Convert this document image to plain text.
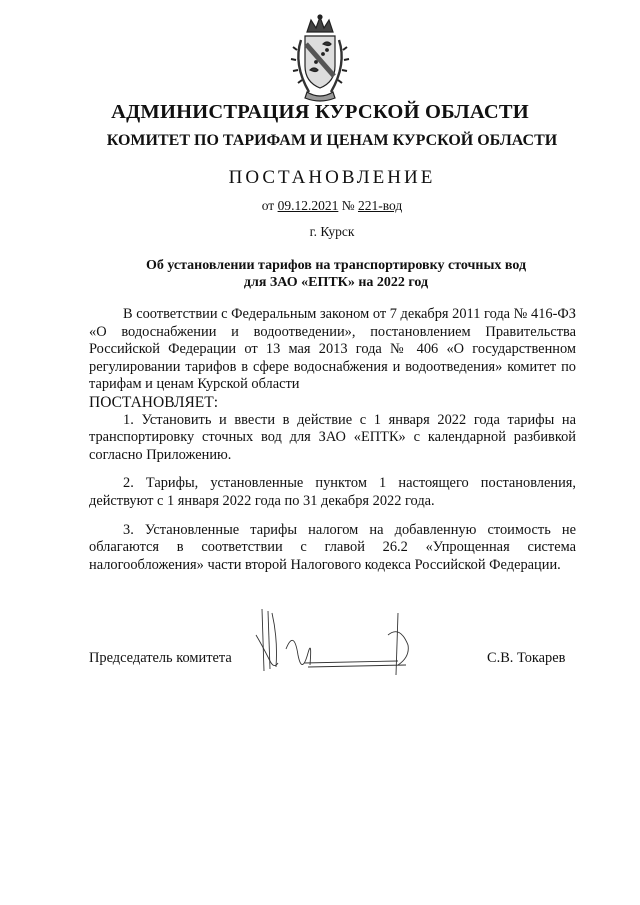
АДМИНИСТРАЦИЯ КУРСКОЙ ОБЛАСТИ
КОМИТЕТ ПО ТАРИФАМ И ЦЕНАМ КУРСКОЙ ОБЛАСТИ
ПОСТАНОВЛЕНИЕ
от 09.12.2021 № 221-вод
г. Курск
Об установлении тарифов на транспортировку сточных вод
для ЗАО «ЕПТК» на 2022 год

В соответствии с Федеральным законом от 7 декабря 2011 года № 416-ФЗ «О водоснабжении и водоотведении», постановлением Правительства Российской Федерации от 13 мая 2013 года № 406 «О государственном регулировании тарифов в сфере водоснабжения и водоотведения» комитет по тарифам и ценам Курской области

ПОСТАНОВЛЯЕТ:

1. Установить и ввести в действие с 1 января 2022 года тарифы на транспортировку сточных вод для ЗАО «ЕПТК» с календарной разбивкой согласно Приложению.

2. Тарифы, установленные пунктом 1 настоящего постановления, действуют с 1 января 2022 года по 31 декабря 2022 года.

3. Установленные тарифы налогом на добавленную стоимость не облагаются в соответствии с главой 26.2 «Упрощенная система налогообложения» части второй Налогового кодекса Российской Федерации.

Председатель комитета	С.В. Токарев
